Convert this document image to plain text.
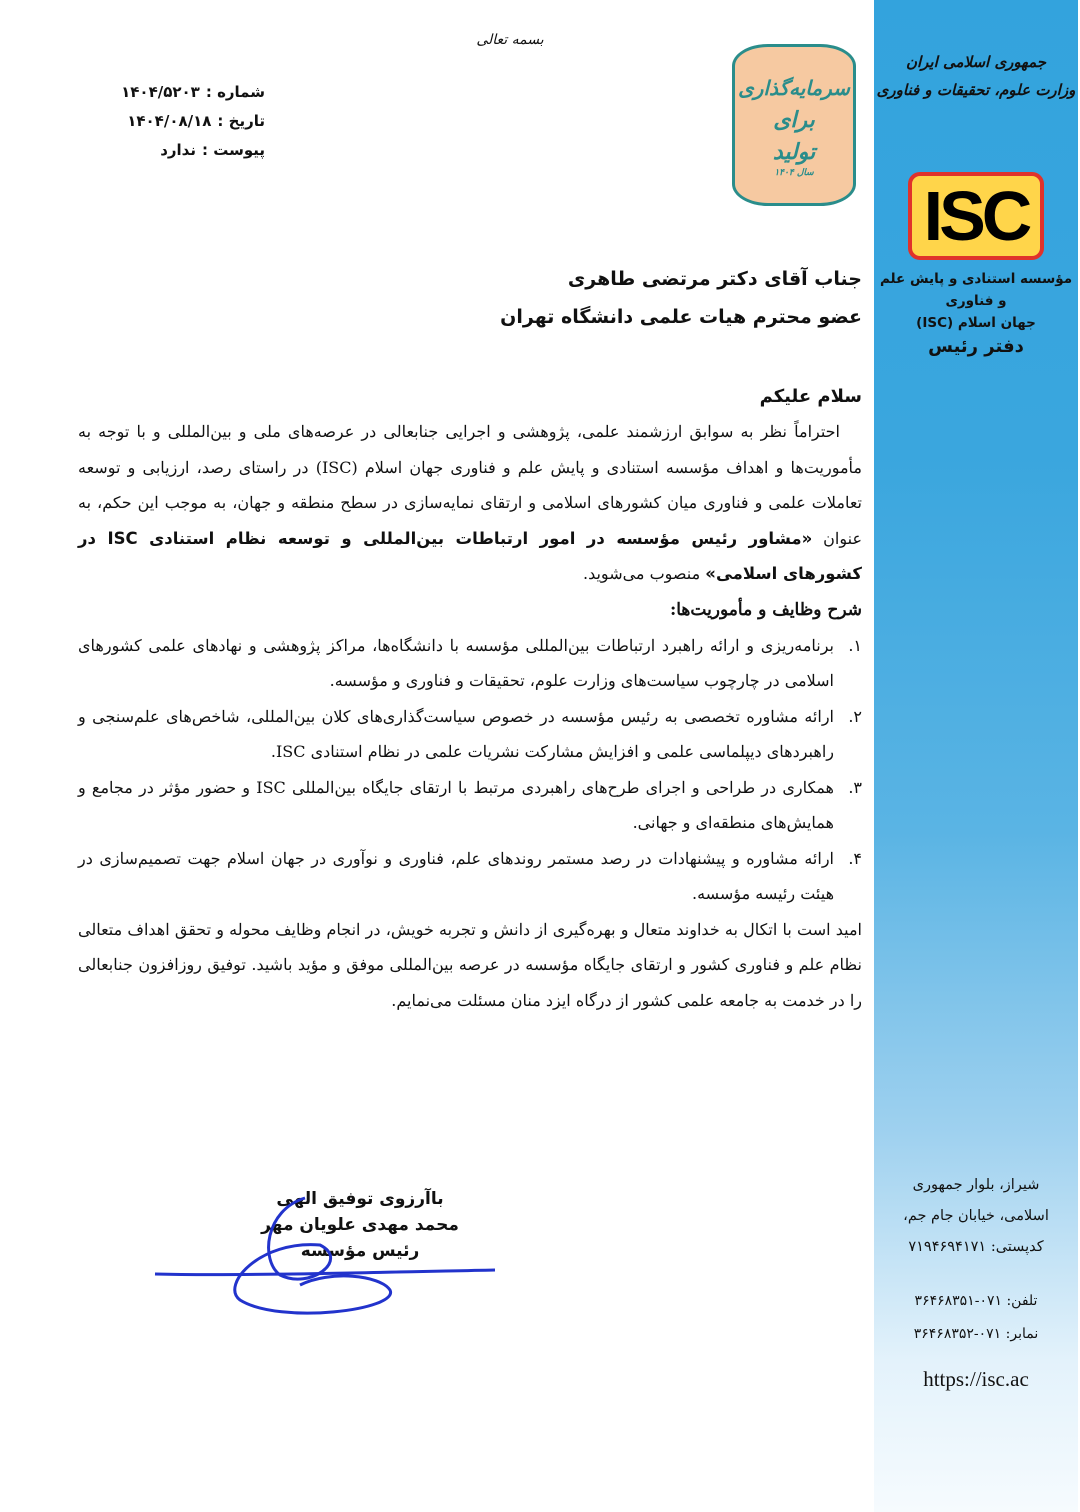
جمهوری اسلامی ایران
وزارت علوم، تحقیقات و فناوری
ISC
مؤسسه استنادی و پایش علم و فناوری
جهان اسلام (ISC)
دفتر رئیس
شیراز، بلوار جمهوری
اسلامی، خیابان جام جم،
کدپستی: ۷۱۹۴۶۹۴۱۷۱
تلفن: ۰۷۱-۳۶۴۶۸۳۵۱
نمابر: ۰۷۱-۳۶۴۶۸۳۵۲
https://isc.ac
بسمه تعالی
سرمایه‌گذاری
برای
تولید
سال ۱۴۰۴
شماره :
۱۴۰۴/۵۲۰۳
تاریخ :
۱۴۰۴/۰۸/۱۸
پیوست :
ندارد
جناب آقای دکتر مرتضی طاهری
عضو محترم هیات علمی دانشگاه تهران
سلام علیکم

احتراماً نظر به سوابق ارزشمند علمی، پژوهشی و اجرایی جنابعالی در عرصه‌های ملی و بین‌المللی و با توجه به مأموریت‌ها و اهداف مؤسسه استنادی و پایش علم و فناوری جهان اسلام (ISC) در راستای رصد، ارزیابی و توسعه تعاملات علمی و فناوری میان کشورهای اسلامی و ارتقای نمایه‌سازی در سطح منطقه و جهان، به موجب این حکم، به عنوان «مشاور رئیس مؤسسه در امور ارتباطات بین‌المللی و توسعه نظام استنادی ISC در کشورهای اسلامی» منصوب می‌شوید.

شرح وظایف و مأموریت‌ها:
۱.
برنامه‌ریزی و ارائه راهبرد ارتباطات بین‌المللی مؤسسه با دانشگاه‌ها، مراکز پژوهشی و نهادهای علمی کشورهای اسلامی در چارچوب سیاست‌های وزارت علوم، تحقیقات و فناوری و مؤسسه.
۲.
ارائه مشاوره تخصصی به رئیس مؤسسه در خصوص سیاست‌گذاری‌های کلان بین‌المللی، شاخص‌های علم‌سنجی و راهبردهای دیپلماسی علمی و افزایش مشارکت نشریات علمی در نظام استنادی ISC.
۳.
همکاری در طراحی و اجرای طرح‌های راهبردی مرتبط با ارتقای جایگاه بین‌المللی ISC و حضور مؤثر در مجامع و همایش‌های منطقه‌ای و جهانی.
۴.
ارائه مشاوره و پیشنهادات در رصد مستمر روندهای علم، فناوری و نوآوری در جهان اسلام جهت تصمیم‌سازی در هیئت رئیسه مؤسسه.

امید است با اتکال به خداوند متعال و بهره‌گیری از دانش و تجربه خویش، در انجام وظایف محوله و تحقق اهداف متعالی نظام علم و فناوری کشور و ارتقای جایگاه مؤسسه در عرصه بین‌المللی موفق و مؤید باشید. توفیق روزافزون جنابعالی را در خدمت به جامعه علمی کشور از درگاه ایزد منان مسئلت می‌نمایم.

باآرزوی توفیق الهی
محمد مهدی علویان مهر
رئیس مؤسسه
